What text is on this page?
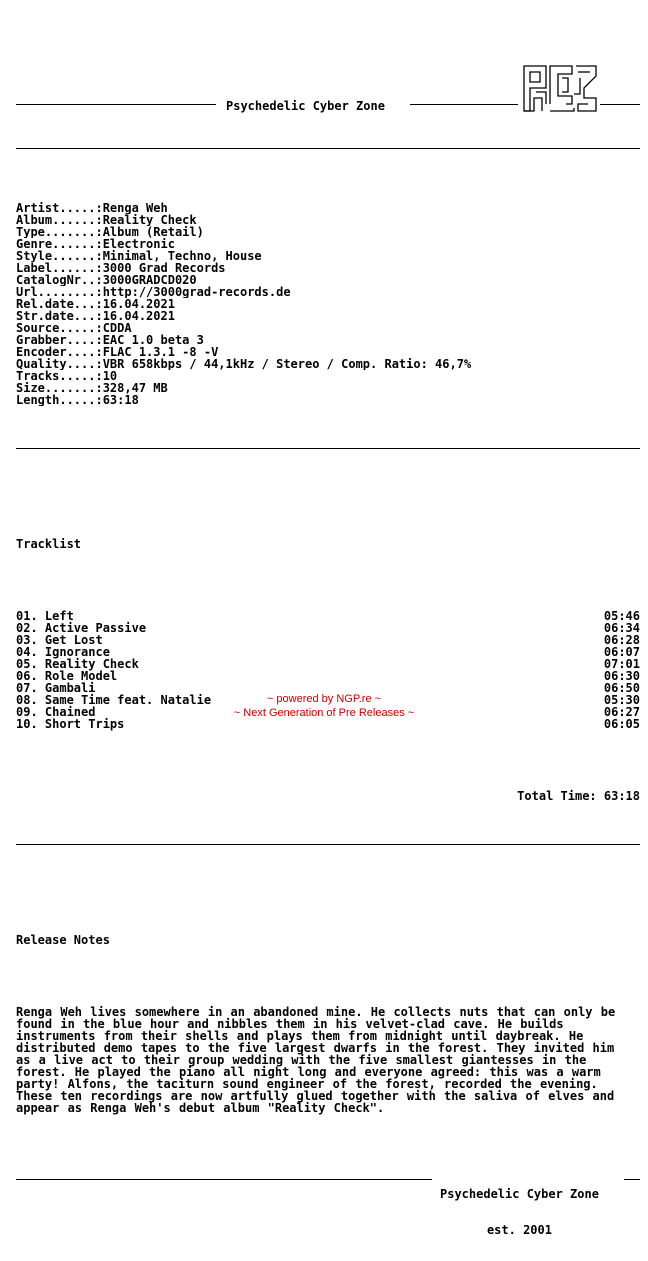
Psychedelic Cyber Zone

Artist.....: Renga Weh
Album......: Reality Check
Type.......: Album (Retail)
Genre......: Electronic
Style......: Minimal, Techno, House
Label......: 3000 Grad Records
CatalogNr..: 3000GRADCD020
Url........: http://3000grad-records.de
Rel.date...: 16.04.2021
Str.date...: 16.04.2021
Source.....: CDDA
Grabber....: EAC 1.0 beta 3
Encoder....: FLAC 1.3.1 -8 -V
Quality....: VBR 658kbps / 44,1kHz / Stereo / Comp. Ratio: 46,7%
Tracks.....: 10
Size.......: 328,47 MB
Length.....: 63:18

Tracklist

01. Left	05:46
02. Active Passive	06:34
03. Get Lost	06:28
04. Ignorance	06:07
05. Reality Check	07:01
06. Role Model	06:30
07. Gambali	06:50
08. Same Time feat. Natalie	05:30
09. Chained	06:27
10. Short Trips	06:05

Total Time: 63:18

Release Notes

Renga Weh lives somewhere in an abandoned mine. He collects nuts that can only be found in the blue hour and nibbles them in his velvet-clad cave. He builds instruments from their shells and plays them from midnight until daybreak. He distributed demo tapes to the five largest dwarfs in the forest. They invited him as a live act to their group wedding with the five smallest giantesses in the forest. He played the piano all night long and everyone agreed: this was a warm party! Alfons, the taciturn sound engineer of the forest, recorded the evening. These ten recordings are now artfully glued together with the saliva of elves and appear as Renga Weh's debut album "Reality Check".

Psychedelic Cyber Zone

est. 2001

~ powered by NGP.re ~
~ Next Generation of Pre Releases ~
